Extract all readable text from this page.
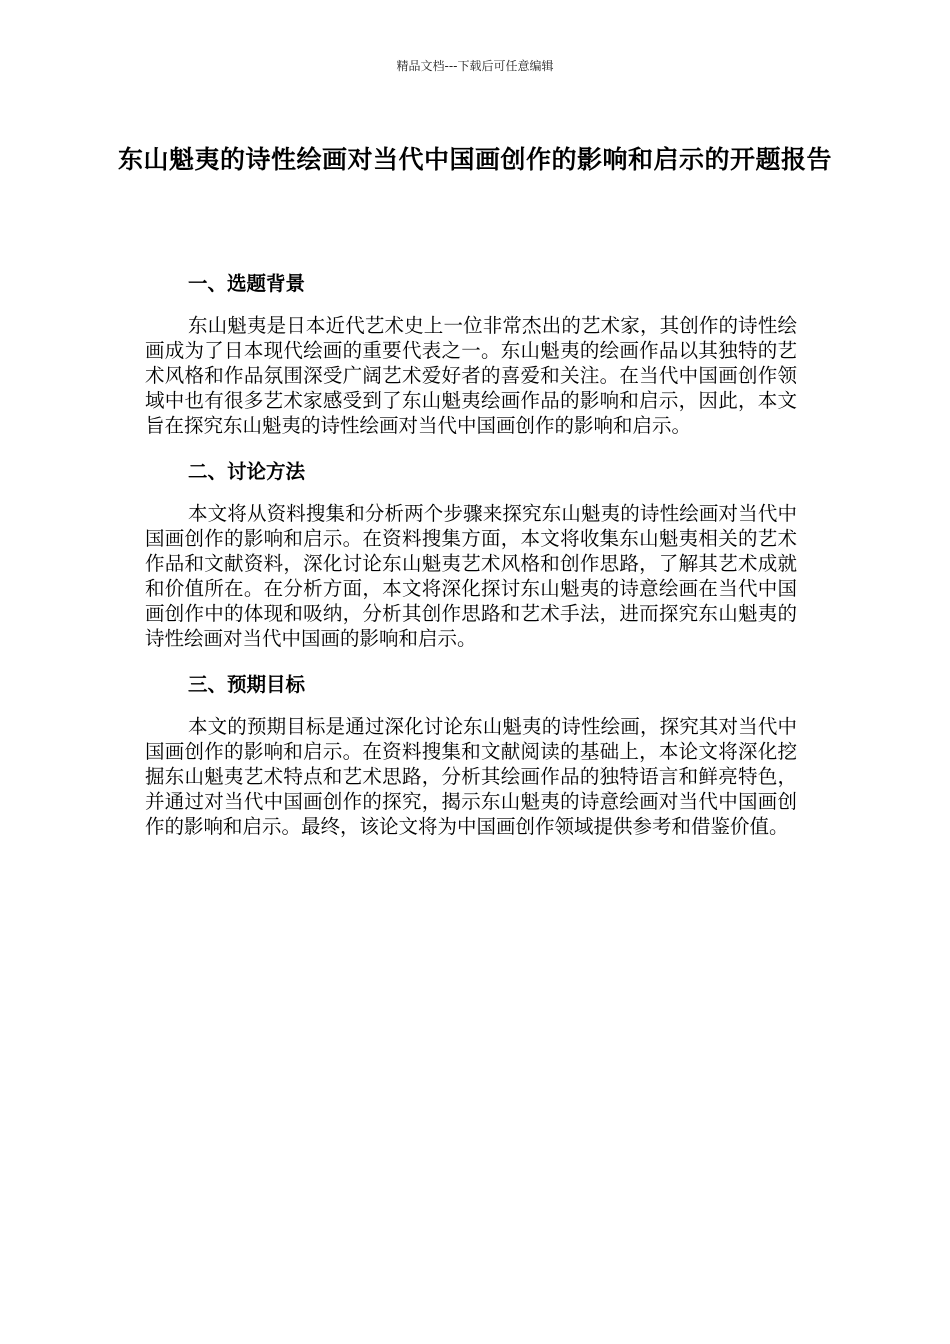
精品文档---下载后可任意编辑
东山魁夷的诗性绘画对当代中国画创作的影响和启示的开题报告
一、选题背景

东山魁夷是日本近代艺术史上一位非常杰出的艺术家，其创作的诗性绘画成为了日本现代绘画的重要代表之一。东山魁夷的绘画作品以其独特的艺术风格和作品氛围深受广阔艺术爱好者的喜爱和关注。在当代中国画创作领域中也有很多艺术家感受到了东山魁夷绘画作品的影响和启示，因此，本文旨在探究东山魁夷的诗性绘画对当代中国画创作的影响和启示。

二、讨论方法

本文将从资料搜集和分析两个步骤来探究东山魁夷的诗性绘画对当代中国画创作的影响和启示。在资料搜集方面，本文将收集东山魁夷相关的艺术作品和文献资料，深化讨论东山魁夷艺术风格和创作思路，了解其艺术成就和价值所在。在分析方面，本文将深化探讨东山魁夷的诗意绘画在当代中国画创作中的体现和吸纳，分析其创作思路和艺术手法，进而探究东山魁夷的诗性绘画对当代中国画的影响和启示。

三、预期目标

本文的预期目标是通过深化讨论东山魁夷的诗性绘画，探究其对当代中国画创作的影响和启示。在资料搜集和文献阅读的基础上，本论文将深化挖掘东山魁夷艺术特点和艺术思路，分析其绘画作品的独特语言和鲜亮特色，并通过对当代中国画创作的探究，揭示东山魁夷的诗意绘画对当代中国画创作的影响和启示。最终，该论文将为中国画创作领域提供参考和借鉴价值。
